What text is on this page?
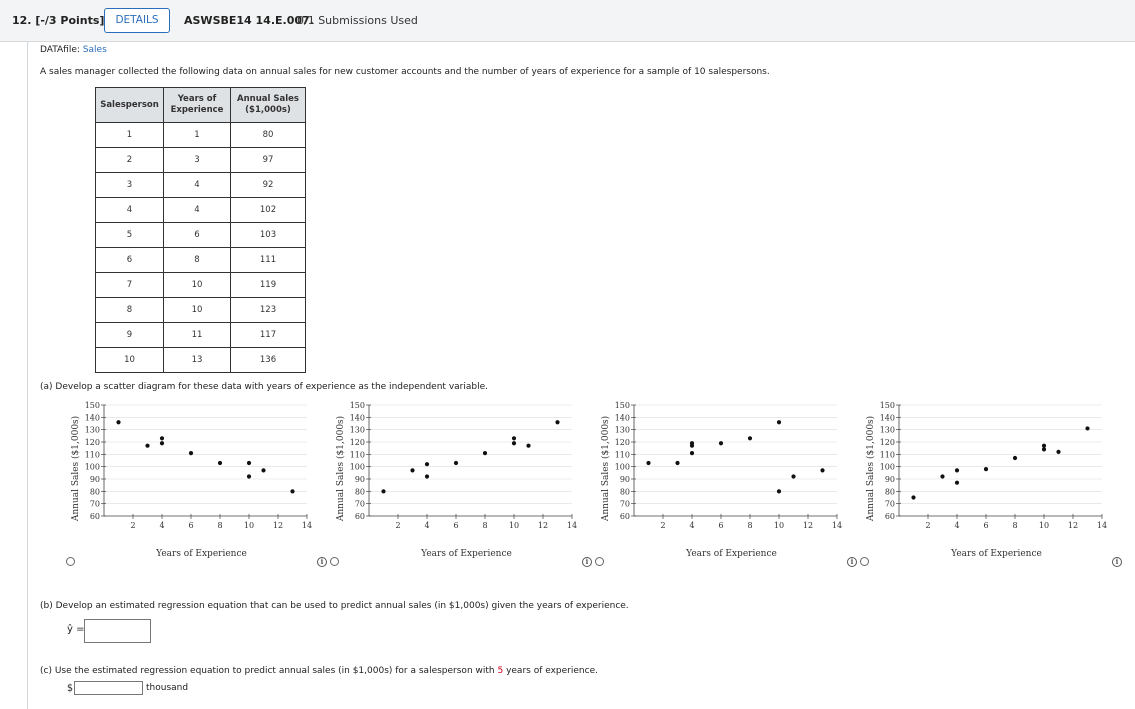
12. [-/3 Points]	DETAILS	ASWSBE14 14.E.007.
0/1 Submissions Used
DATAfile: Sales
A sales manager collected the following data on annual sales for new customer accounts and the number of years of experience for a sample of 10 salespersons.
Salesperson	Years of Experience	Annual Sales ($1,000s)
1	1	80
2	3	97
3	4	92
4	4	102
5	6	103
6	8	111
7	10	119
8	10	123
9	11	117
10	13	136
(a) Develop a scatter diagram for these data with years of experience as the independent variable.
60
70
80
90
100
110
120
130
140
150
2	4	6	8	10 12 14
Years of Experience
Annual Sales ($1,000s)	60
70
80
90
100
110
120
130
140
150
2	4	6	8	10 12 14
Years of Experience
Annual Sales ($1,000s)	60
70
80
90
100
110
120
130
140
150
2	4	6	8	10 12 14
Years of Experience
Annual Sales ($1,000s)	60
70
80
90
100
110
120
130
140
150
2	4	6	8	10 12 14
Years of Experience
Annual Sales ($1,000s)
i	i	i	i
(b) Develop an estimated regression equation that can be used to predict annual sales (in $1,000s) given the years of experience.
ŷ =
(c) Use the estimated regression equation to predict annual sales (in $1,000s) for a salesperson with 5 years of experience.
$	thousand
